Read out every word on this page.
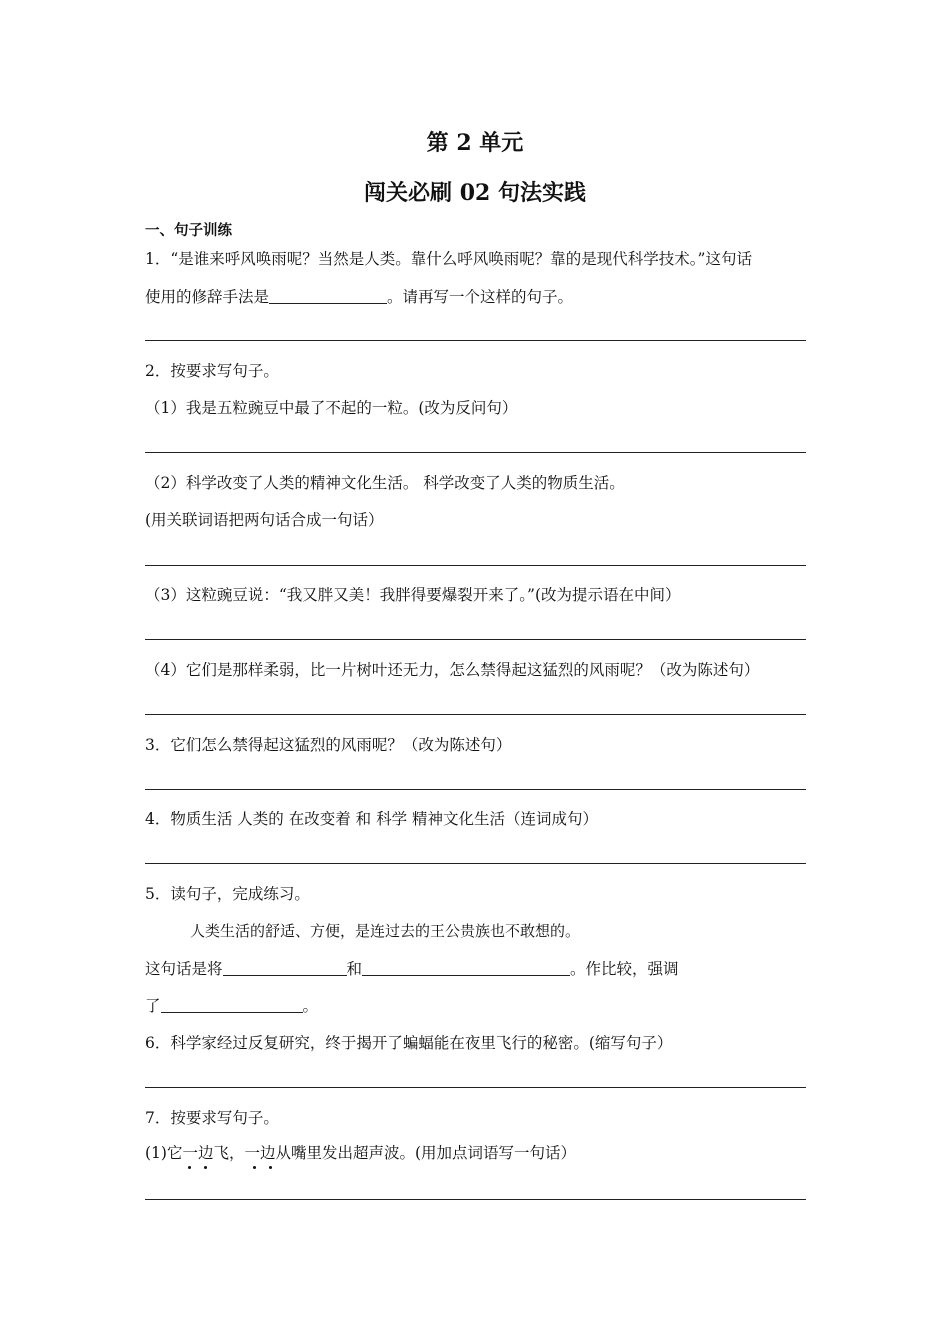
第 2 单元
闯关必刷 02 句法实践
一、句子训练
1．“是谁来呼风唤雨呢？当然是人类。靠什么呼风唤雨呢？靠的是现代科学技术。”这句话
使用的修辞手法是	。请再写一个这样的句子。
2．按要求写句子。
（1）我是五粒豌豆中最了不起的一粒。(改为反问句）
（2）科学改变了人类的精神文化生活。 科学改变了人类的物质生活。
(用关联词语把两句话合成一句话）
（3）这粒豌豆说：“我又胖又美！我胖得要爆裂开来了。”(改为提示语在中间）
（4）它们是那样柔弱，比一片树叶还无力，怎么禁得起这猛烈的风雨呢？（改为陈述句）
3．它们怎么禁得起这猛烈的风雨呢？（改为陈述句）
4．物质生活 人类的 在改变着 和 科学 精神文化生活（连词成句）
5．读句子，完成练习。
人类生活的舒适、方便，是连过去的王公贵族也不敢想的。
这句话是将	和	。作比较，强调
了	。
6．科学家经过反复研究，终于揭开了蝙蝠能在夜里飞行的秘密。(缩写句子）
7．按要求写句子。
(1)它一边飞，一边从嘴里发出超声波。(用加点词语写一句话）
